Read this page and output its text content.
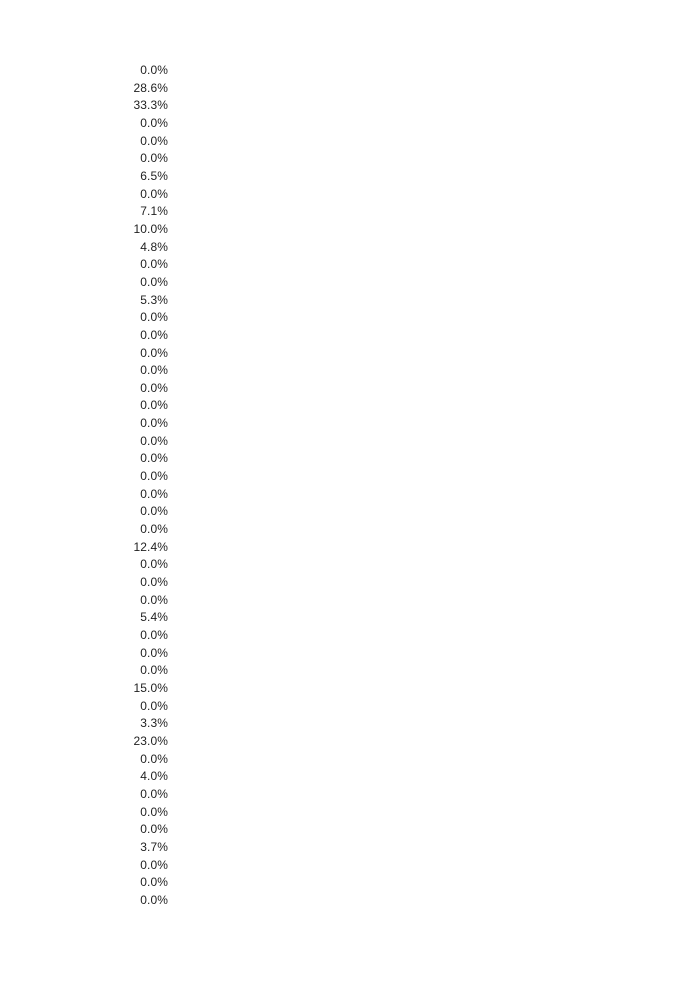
0.0%
28.6%
33.3%
0.0%
0.0%
0.0%
6.5%
0.0%
7.1%
10.0%
4.8%
0.0%
0.0%
5.3%
0.0%
0.0%
0.0%
0.0%
0.0%
0.0%
0.0%
0.0%
0.0%
0.0%
0.0%
0.0%
0.0%
12.4%
0.0%
0.0%
0.0%
5.4%
0.0%
0.0%
0.0%
15.0%
0.0%
3.3%
23.0%
0.0%
4.0%
0.0%
0.0%
0.0%
3.7%
0.0%
0.0%
0.0%
